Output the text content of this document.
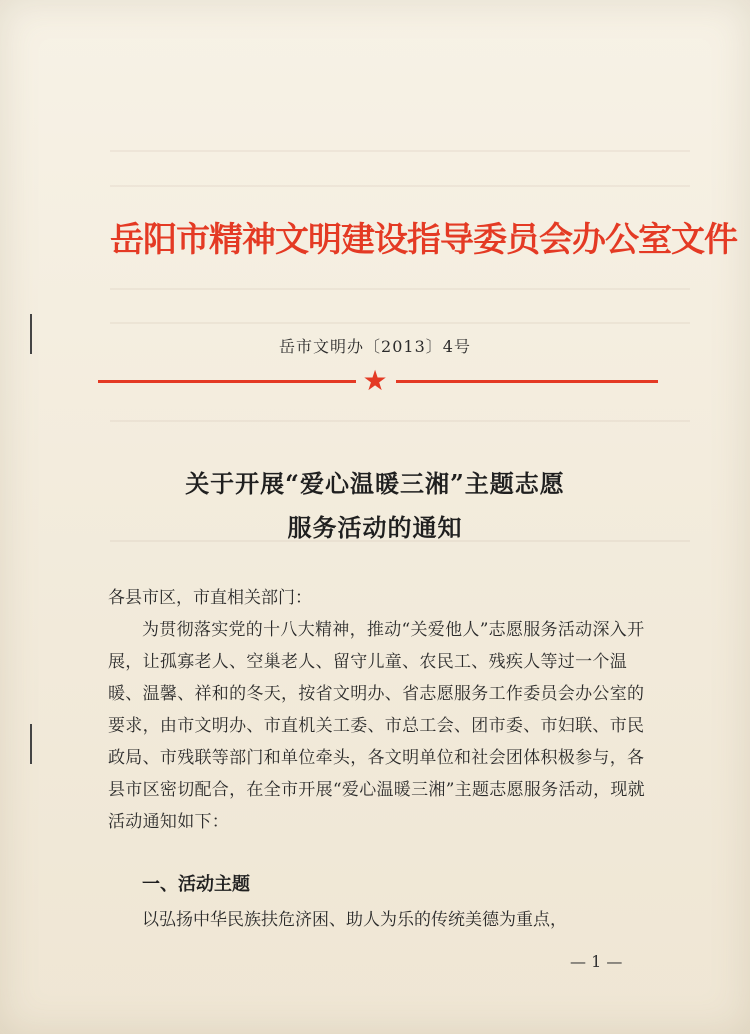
岳阳市精神文明建设指导委员会办公室文件
岳市文明办〔2013〕4号
★
关于开展“爱心温暖三湘”主题志愿
服务活动的通知
各县市区，市直相关部门：
为贯彻落实党的十八大精神，推动“关爱他人”志愿服务活动深入开展，让孤寡老人、空巢老人、留守儿童、农民工、残疾人等过一个温暖、温馨、祥和的冬天，按省文明办、省志愿服务工作委员会办公室的要求，由市文明办、市直机关工委、市总工会、团市委、市妇联、市民政局、市残联等部门和单位牵头，各文明单位和社会团体积极参与，各县市区密切配合，在全市开展“爱心温暖三湘”主题志愿服务活动，现就活动通知如下：
一、活动主题
以弘扬中华民族扶危济困、助人为乐的传统美德为重点，
— 1 —
